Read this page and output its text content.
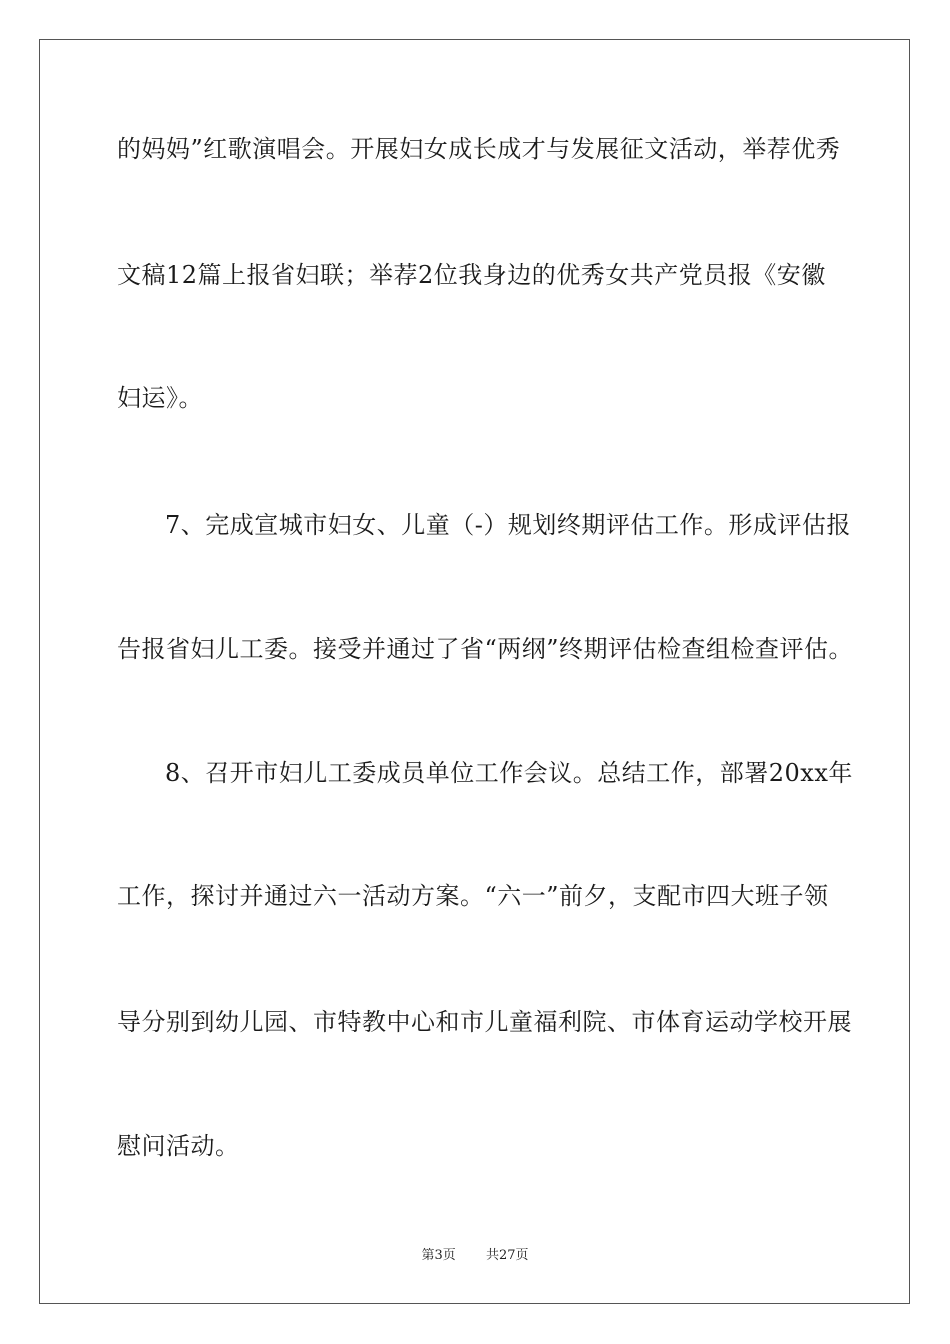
的妈妈”红歌演唱会。开展妇女成长成才与发展征文活动，举荐优秀
文稿12篇上报省妇联；举荐2位我身边的优秀女共产党员报《安徽
妇运》。
7、完成宣城市妇女、儿童（-）规划终期评估工作。形成评估报
告报省妇儿工委。接受并通过了省“两纲”终期评估检查组检查评估。
8、召开市妇儿工委成员单位工作会议。总结工作，部署20xx年
工作，探讨并通过六一活动方案。“六一”前夕，支配市四大班子领
导分别到幼儿园、市特教中心和市儿童福利院、市体育运动学校开展
慰问活动。
第3页 共27页
